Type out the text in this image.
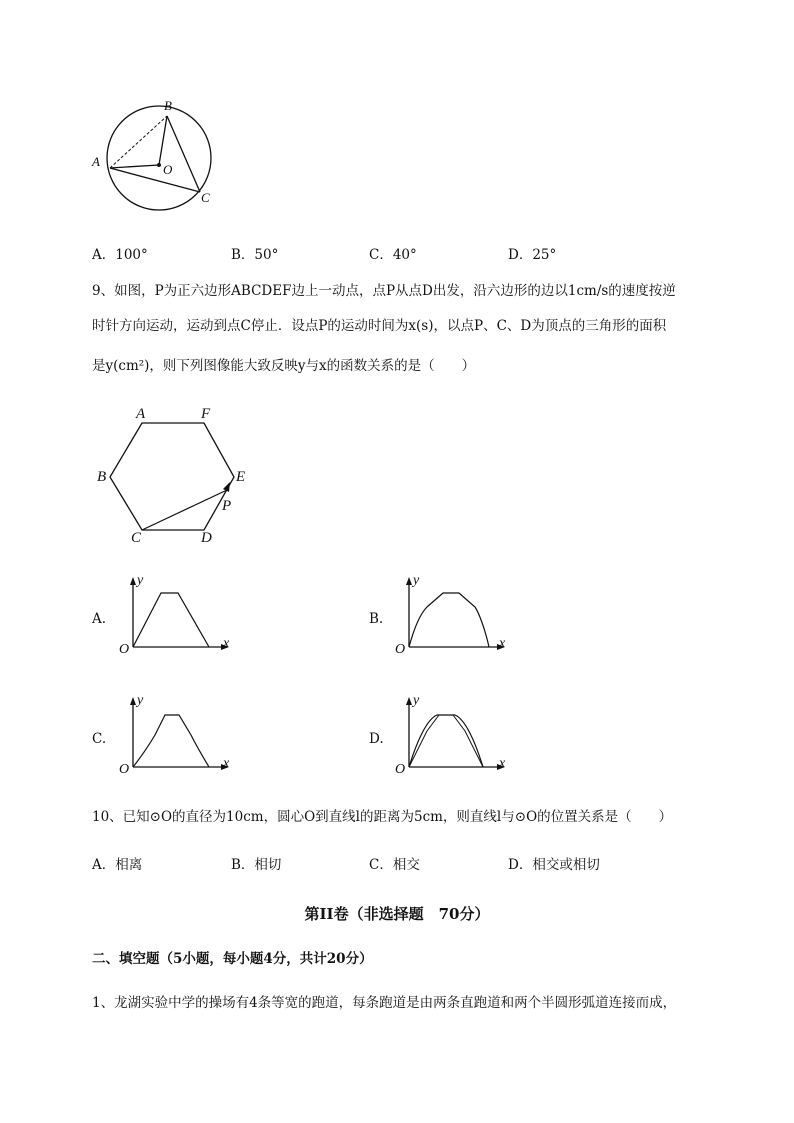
B
A
O
C
A．100°	B．50°	C．40°	D．25°
9、如图，P为正六边形ABCDEF边上一动点，点P从点D出发，沿六边形的边以1cm/s的速度按逆
时针方向运动，运动到点C停止．设点P的运动时间为x(s)，以点P、C、D为顶点的三角形的面积
是y(cm²)，则下列图像能大致反映y与x的函数关系的是（　　）
A	F
B	E
P
C	D
A.
y
x
O
B.
y
x
O
C.
y
x
O
D.
y
x
O
10、已知⊙O的直径为10cm，圆心O到直线l的距离为5cm，则直线l与⊙O的位置关系是（　　）
A．相离	B．相切	C．相交	D．相交或相切
第II卷（非选择题　70分）
二、填空题（5小题，每小题4分，共计20分）
1、龙湖实验中学的操场有4条等宽的跑道，每条跑道是由两条直跑道和两个半圆形弧道连接而成，
